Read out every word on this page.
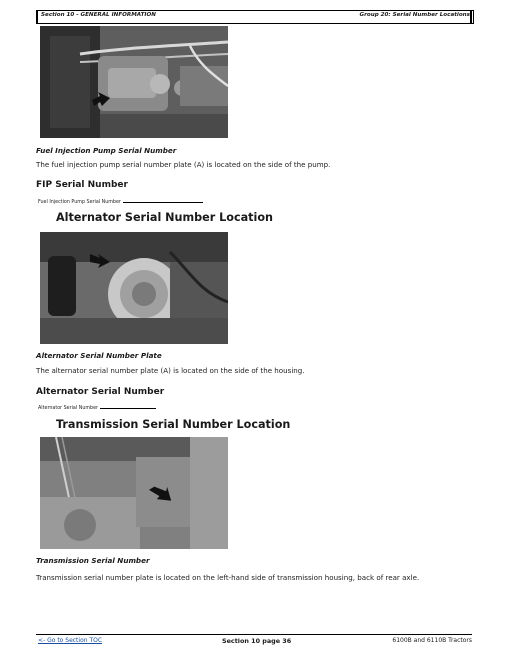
Section 10 - GENERAL INFORMATION	Group 20: Serial Number Locations
Fuel Injection Pump Serial Number
The fuel injection pump serial number plate (A) is located on the side of the pump.
FIP Serial Number
Fuel Injection Pump Serial Number
Alternator Serial Number Location
Alternator Serial Number Plate
The alternator serial number plate (A) is located on the side of the housing.
Alternator Serial Number
Alternator Serial Number
Transmission Serial Number Location
Transmission Serial Number
Transmission serial number plate is located on the left-hand side of transmission housing, back of rear axle.
<- Go to Section TOC	Section 10 page 36	6100B and 6110B Tractors
